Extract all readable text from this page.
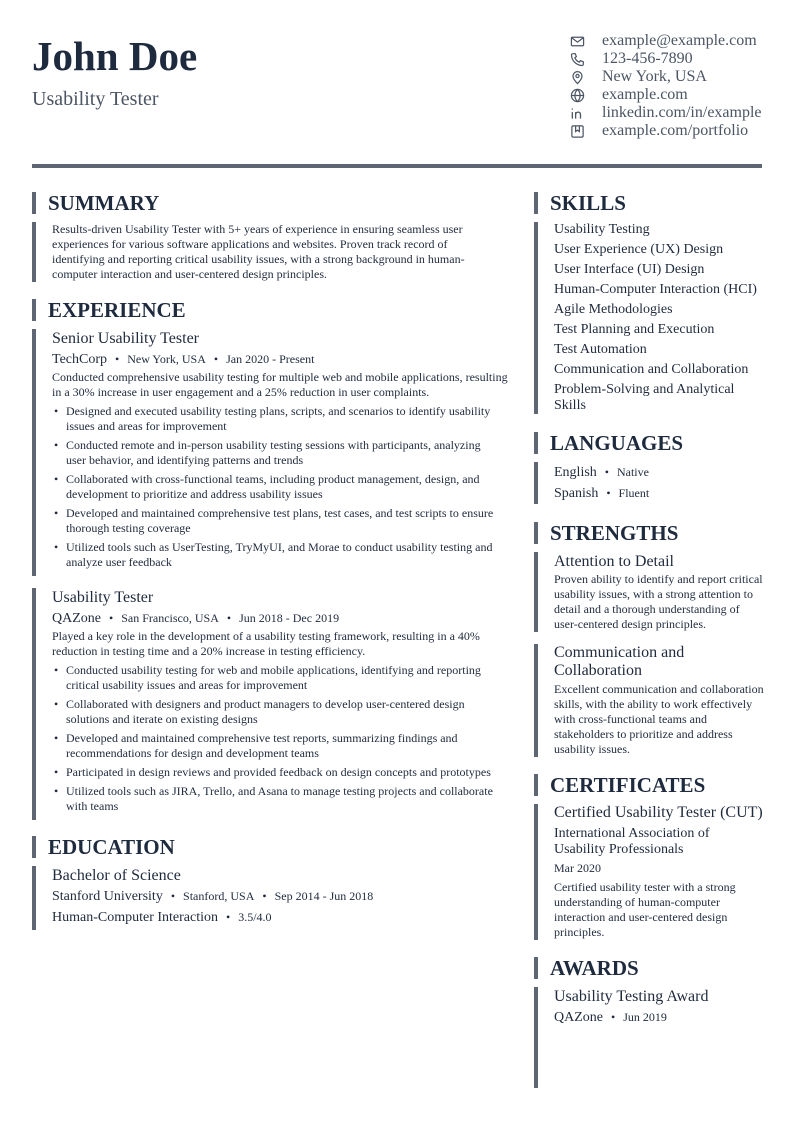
John Doe
Usability Tester
example@example.com
123-456-7890
New York, USA
example.com
linkedin.com/in/example
example.com/portfolio
SUMMARY

Results-driven Usability Tester with 5+ years of experience in ensuring seamless user experiences for various software applications and websites. Proven track record of identifying and reporting critical usability issues, with a strong background in human-computer interaction and user-centered design principles.

EXPERIENCE
Senior Usability Tester
TechCorp • New York, USA • Jan 2020 - Present

Conducted comprehensive usability testing for multiple web and mobile applications, resulting in a 30% increase in user engagement and a 25% reduction in user complaints.

• Designed and executed usability testing plans, scripts, and scenarios to identify usability issues and areas for improvement
• Conducted remote and in-person usability testing sessions with participants, analyzing user behavior, and identifying patterns and trends
• Collaborated with cross-functional teams, including product management, design, and development to prioritize and address usability issues
• Developed and maintained comprehensive test plans, test cases, and test scripts to ensure thorough testing coverage
• Utilized tools such as UserTesting, TryMyUI, and Morae to conduct usability testing and analyze user feedback
Usability Tester
QAZone • San Francisco, USA • Jun 2018 - Dec 2019

Played a key role in the development of a usability testing framework, resulting in a 40% reduction in testing time and a 20% increase in testing efficiency.

• Conducted usability testing for web and mobile applications, identifying and reporting critical usability issues and areas for improvement
• Collaborated with designers and product managers to develop user-centered design solutions and iterate on existing designs
• Developed and maintained comprehensive test reports, summarizing findings and recommendations for design and development teams
• Participated in design reviews and provided feedback on design concepts and prototypes
• Utilized tools such as JIRA, Trello, and Asana to manage testing projects and collaborate with teams
EDUCATION
Bachelor of Science
Stanford University • Stanford, USA • Sep 2014 - Jun 2018
Human-Computer Interaction • 3.5/4.0
SKILLS
Usability Testing
User Experience (UX) Design
User Interface (UI) Design
Human-Computer Interaction (HCI)
Agile Methodologies
Test Planning and Execution
Test Automation
Communication and Collaboration
Problem-Solving and Analytical Skills
LANGUAGES
English • Native
Spanish • Fluent
STRENGTHS
Attention to Detail

Proven ability to identify and report critical usability issues, with a strong attention to detail and a thorough understanding of user-centered design principles.

Communication and Collaboration

Excellent communication and collaboration skills, with the ability to work effectively with cross-functional teams and stakeholders to prioritize and address usability issues.

CERTIFICATES
Certified Usability Tester (CUT)
International Association of Usability Professionals
Mar 2020

Certified usability tester with a strong understanding of human-computer interaction and user-centered design principles.

AWARDS
Usability Testing Award
QAZone • Jun 2019
